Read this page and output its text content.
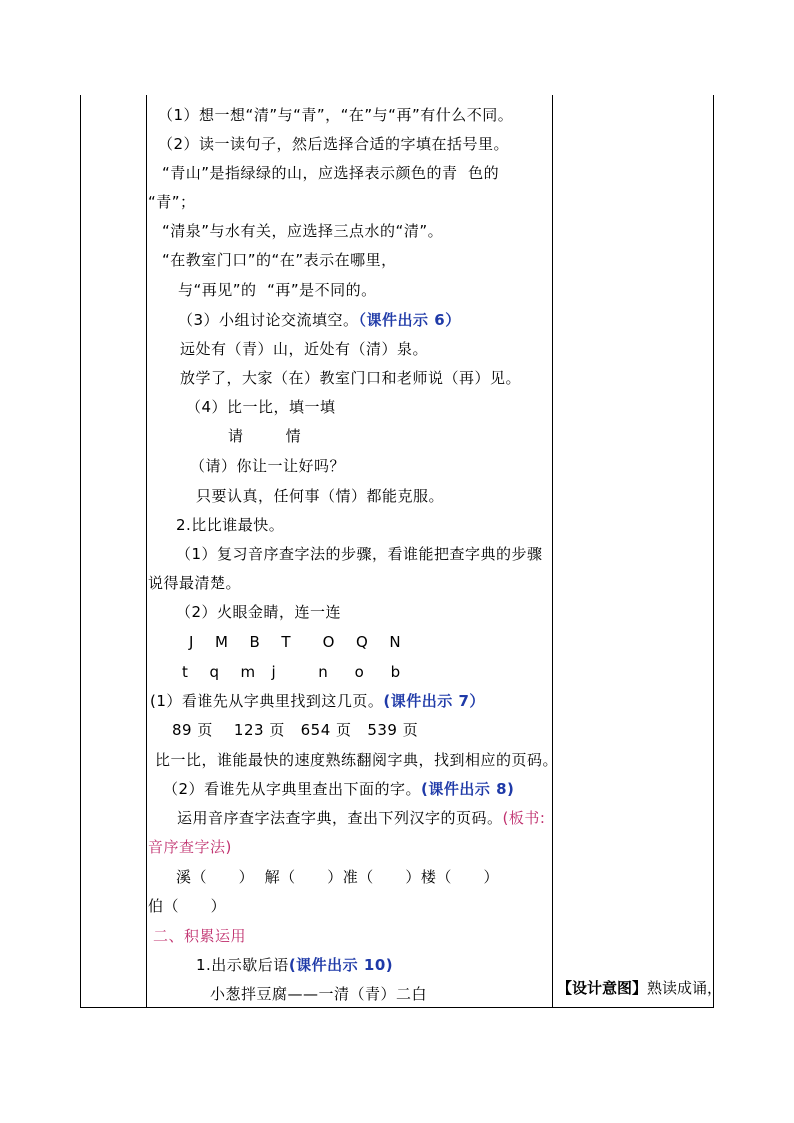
（1）想一想“清”与“青”，“在”与“再”有什么不同。
（2）读一读句子，然后选择合适的字填在括号里。
“青山”是指绿绿的山，应选择表示颜色的青  色的
“青”；
“清泉”与水有关，应选择三点水的“清”。
“在教室门口”的“在”表示在哪里，
与“再见”的  “再”是不同的。
（3）小组讨论交流填空。（课件出示 6）
远处有（青）山，近处有（清）泉。
放学了，大家（在）教室门口和老师说（再）见。
（4）比一比，填一填
请        情
（请）你让一让好吗？
只要认真，任何事（情）都能克服。
2.比比谁最快。
（1）复习音序查字法的步骤，看谁能把查字典的步骤
说得最清楚。
（2）火眼金睛，连一连
J    M    B    T      O    Q    N
t    q    m   j        n     o     b
(1）看谁先从字典里找到这几页。(课件出示 7）
89 页    123 页   654 页   539 页
比一比，谁能最快的速度熟练翻阅字典，找到相应的页码。
（2）看谁先从字典里查出下面的字。(课件出示 8)
运用音序查字法查字典，查出下列汉字的页码。(板书:
音序查字法)
溪（      ）  解（      ）准（      ）楼（      ）
伯（      ）
二、积累运用
1.出示歇后语(课件出示 10)
小葱拌豆腐——一清（青）二白	【设计意图】熟读成诵，
